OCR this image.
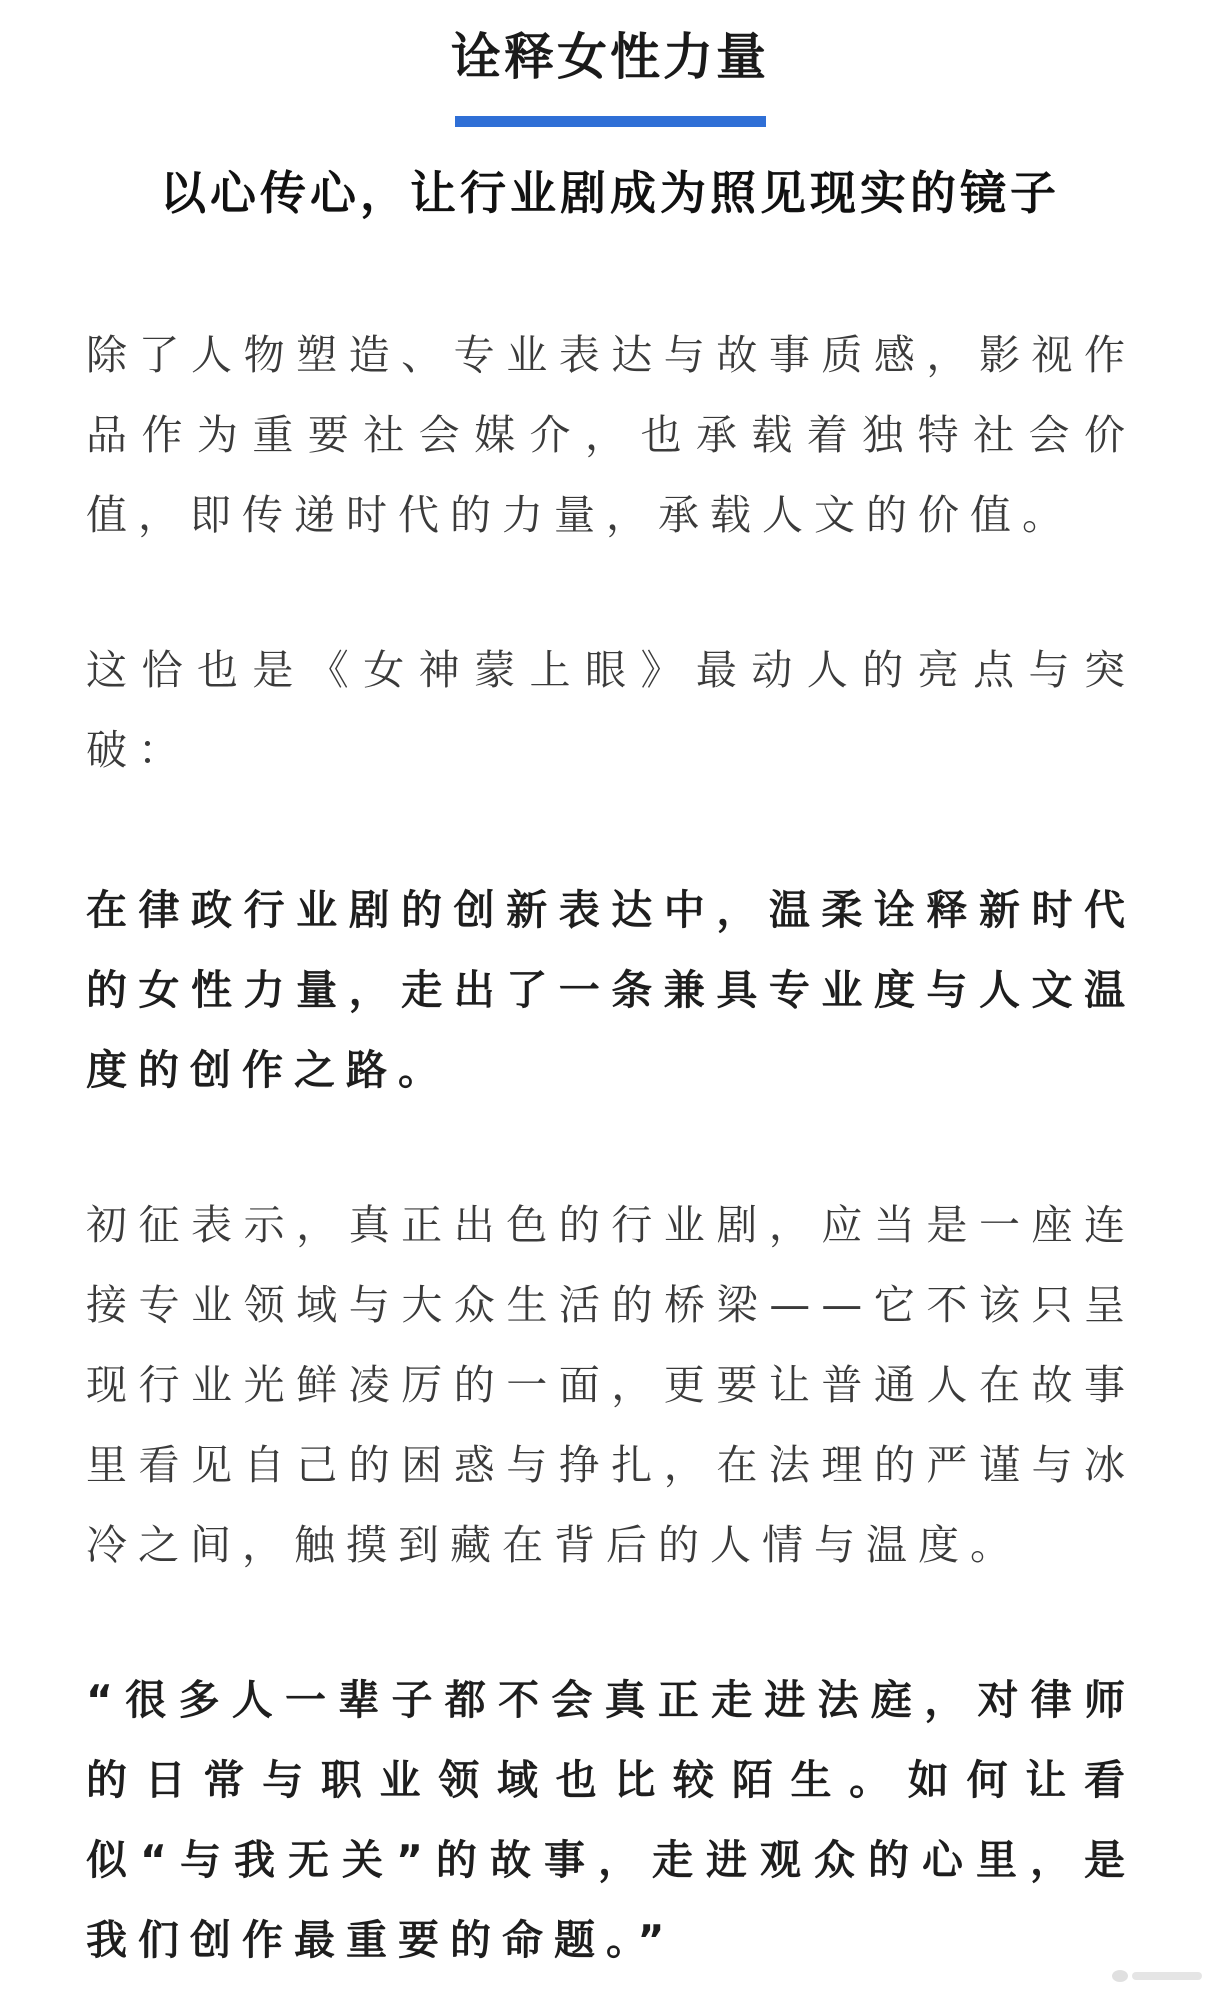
诠释女性力量
以心传心，让行业剧成为照见现实的镜子

除了人物塑造、专业表达与故事质感，影视作品作为重要社会媒介，也承载着独特社会价值，即传递时代的力量，承载人文的价值。

这恰也是《女神蒙上眼》最动人的亮点与突破：

在律政行业剧的创新表达中，温柔诠释新时代的女性力量，走出了一条兼具专业度与人文温度的创作之路。

初征表示，真正出色的行业剧，应当是一座连接专业领域与大众生活的桥梁——它不该只呈现行业光鲜凌厉的一面，更要让普通人在故事里看见自己的困惑与挣扎，在法理的严谨与冰冷之间，触摸到藏在背后的人情与温度。

“很多人一辈子都不会真正走进法庭，对律师的日常与职业领域也比较陌生。如何让看似“与我无关”的故事，走进观众的心里，是我们创作最重要的命题。”
